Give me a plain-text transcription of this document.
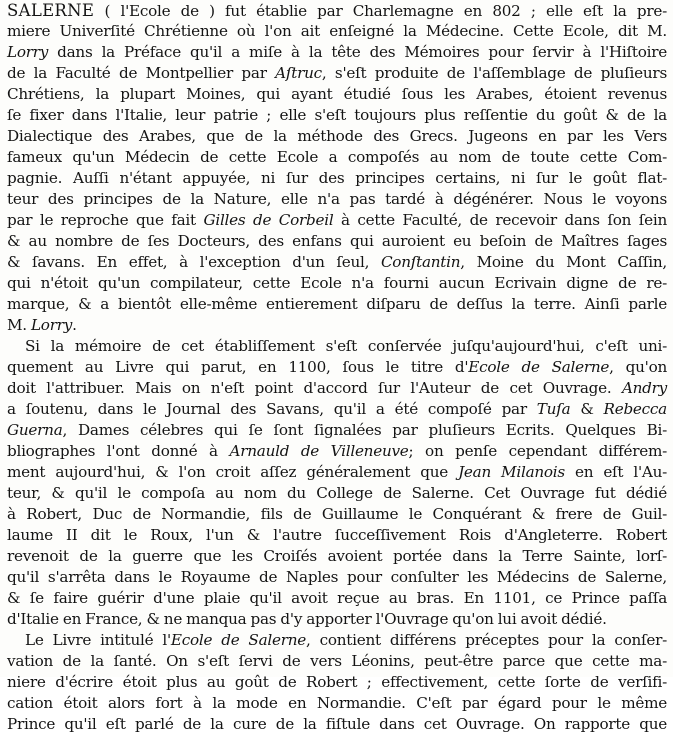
SALERNE ( l'Ecole de ) fut établie par Charlemagne en 802 ; elle eſt la pre-
miere Univerſité Chrétienne où l'on ait enſeigné la Médecine. Cette Ecole, dit M.
Lorry dans la Préface qu'il a miſe à la tête des Mémoires pour ſervir à l'Hiſtoire
de la Faculté de Montpellier par Aſtruc, s'eſt produite de l'aſſemblage de pluſieurs
Chrétiens, la plupart Moines, qui ayant étudié ſous les Arabes, étoient revenus
ſe fixer dans l'Italie, leur patrie ; elle s'eſt toujours plus reſſentie du goût & de la
Dialectique des Arabes, que de la méthode des Grecs. Jugeons en par les Vers
fameux qu'un Médecin de cette Ecole a compoſés au nom de toute cette Com-
pagnie. Auſſi n'étant appuyée, ni ſur des principes certains, ni ſur le goût flat-
teur des principes de la Nature, elle n'a pas tardé à dégénérer. Nous le voyons
par le reproche que fait Gilles de Corbeil à cette Faculté, de recevoir dans ſon ſein
& au nombre de ſes Docteurs, des enfans qui auroient eu beſoin de Maîtres ſages
& ſavans. En effet, à l'exception d'un ſeul, Conſtantin, Moine du Mont Caſſin,
qui n'étoit qu'un compilateur, cette Ecole n'a fourni aucun Ecrivain digne de re-
marque, & a bientôt elle-même entierement diſparu de deſſus la terre. Ainſi parle
M. Lorry.

Si la mémoire de cet établiſſement s'eſt conſervée juſqu'aujourd'hui, c'eſt uni-
quement au Livre qui parut, en 1100, ſous le titre d'Ecole de Salerne, qu'on
doit l'attribuer. Mais on n'eſt point d'accord ſur l'Auteur de cet Ouvrage. Andry
a ſoutenu, dans le Journal des Savans, qu'il a été compoſé par Tuſa & Rebecca
Guerna, Dames célebres qui ſe ſont ſignalées par pluſieurs Ecrits. Quelques Bi-
bliographes l'ont donné à Arnauld de Villeneuve; on penſe cependant différem-
ment aujourd'hui, & l'on croit aſſez généralement que Jean Milanois en eſt l'Au-
teur, & qu'il le compoſa au nom du College de Salerne. Cet Ouvrage fut dédié
à Robert, Duc de Normandie, fils de Guillaume le Conquérant & frere de Guil-
laume II dit le Roux, l'un & l'autre ſucceſſivement Rois d'Angleterre. Robert
revenoit de la guerre que les Croiſés avoient portée dans la Terre Sainte, lorſ-
qu'il s'arrêta dans le Royaume de Naples pour conſulter les Médecins de Salerne,
& ſe faire guérir d'une plaie qu'il avoit reçue au bras. En 1101, ce Prince paſſa
d'Italie en France, & ne manqua pas d'y apporter l'Ouvrage qu'on lui avoit dédié.

Le Livre intitulé l'Ecole de Salerne, contient différens préceptes pour la conſer-
vation de la ſanté. On s'eſt ſervi de vers Léonins, peut-être parce que cette ma-
niere d'écrire étoit plus au goût de Robert ; effectivement, cette ſorte de verſifi-
cation étoit alors fort à la mode en Normandie. C'eſt par égard pour le même
Prince qu'il eſt parlé de la cure de la fiſtule dans cet Ouvrage. On rapporte que
